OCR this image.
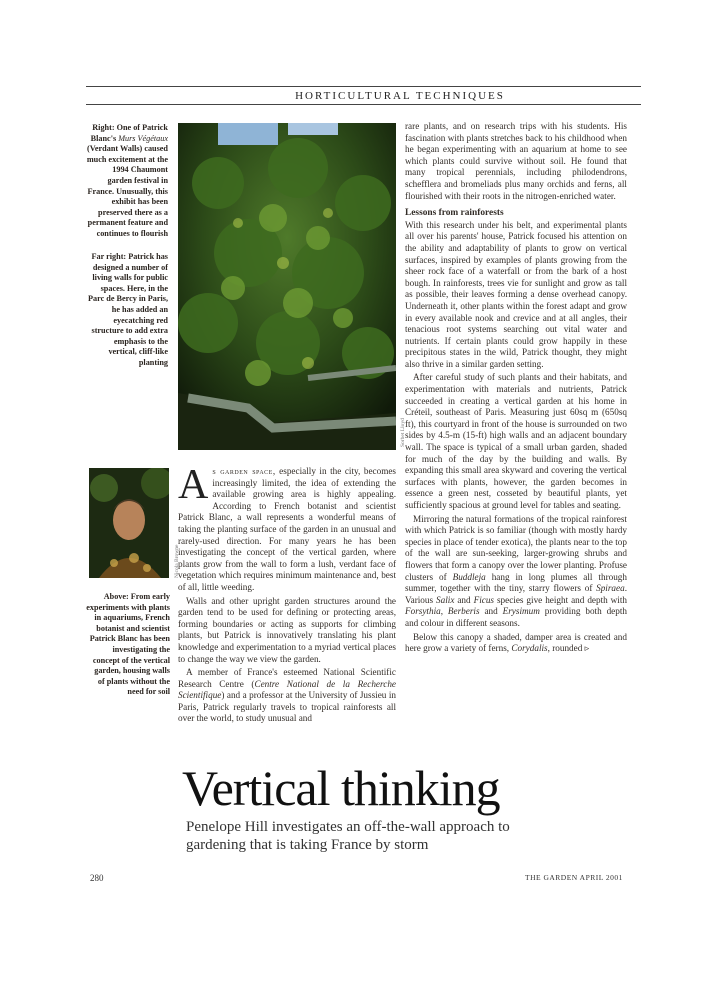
HORTICULTURAL TECHNIQUES
Right: One of Patrick Blanc's Murs Végétaux (Verdant Walls) caused much excitement at the 1994 Chaumont garden festival in France. Unusually, this exhibit has been preserved there as a permanent feature and continues to flourish
Far right: Patrick has designed a number of living walls for public spaces. Here, in the Parc de Bercy in Paris, he has added an eyecatching red structure to add extra emphasis to the vertical, cliff-like planting
Sorbet Lloyd
Nicola Browne
Above: From early experiments with plants in aquariums, French botanist and scientist Patrick Blanc has been investigating the concept of the vertical garden, housing walls of plants without the need for soil

As garden space, especially in the city, becomes increasingly limited, the idea of extending the available growing area is highly appealing. According to French botanist and scientist Patrick Blanc, a wall represents a wonderful means of taking the planting surface of the garden in an unusual and rarely-used direction. For many years he has been investigating the concept of the vertical garden, where plants grow from the wall to form a lush, verdant face of vegetation which requires minimum maintenance and, best of all, little weeding.

Walls and other upright garden structures around the garden tend to be used for defining or protecting areas, forming boundaries or acting as supports for climbing plants, but Patrick is innovatively translating his plant knowledge and experimentation to a myriad vertical places to change the way we view the garden.

A member of France's esteemed National Scientific Research Centre (Centre National de la Recherche Scientifique) and a professor at the University of Jussieu in Paris, Patrick regularly travels to tropical rainforests all over the world, to study unusual and

rare plants, and on research trips with his students. His fascination with plants stretches back to his childhood when he began experimenting with an aquarium at home to see which plants could survive without soil. He found that many tropical perennials, including philodendrons, schefflera and bromeliads plus many orchids and ferns, all flourished with their roots in the nitrogen-enriched water.

Lessons from rainforests

With this research under his belt, and experimental plants all over his parents' house, Patrick focused his attention on the ability and adaptability of plants to grow on vertical surfaces, inspired by examples of plants growing from the sheer rock face of a waterfall or from the bark of a host bough. In rainforests, trees vie for sunlight and grow as tall as possible, their leaves forming a dense overhead canopy. Underneath it, other plants within the forest adapt and grow in every available nook and crevice and at all angles, their tenacious root systems searching out vital water and nutrients. If certain plants could grow happily in these precipitous states in the wild, Patrick thought, they might also thrive in a similar garden setting.

After careful study of such plants and their habitats, and experimentation with materials and nutrients, Patrick succeeded in creating a vertical garden at his home in Créteil, southeast of Paris. Measuring just 60sq m (650sq ft), this courtyard in front of the house is surrounded on two sides by 4.5-m (15-ft) high walls and an adjacent boundary wall. The space is typical of a small urban garden, shaded for much of the day by the building and walls. By expanding this small area skyward and covering the vertical surfaces with plants, however, the garden becomes in essence a green nest, cosseted by beautiful plants, yet sufficiently spacious at ground level for tables and seating.

Mirroring the natural formations of the tropical rainforest with which Patrick is so familiar (though with mostly hardy species in place of tender exotica), the plants near to the top of the wall are sun-seeking, larger-growing shrubs and flowers that form a canopy over the lower planting. Profuse clusters of Buddleja hang in long plumes all through summer, together with the tiny, starry flowers of Spiraea. Various Salix and Ficus species give height and depth with Forsythia, Berberis and Erysimum providing both depth and colour in different seasons.

Below this canopy a shaded, damper area is created and here grow a variety of ferns, Corydalis, rounded ▹

Vertical thinking
Penelope Hill investigates an off-the-wall approach to gardening that is taking France by storm
280	THE GARDEN APRIL 2001
